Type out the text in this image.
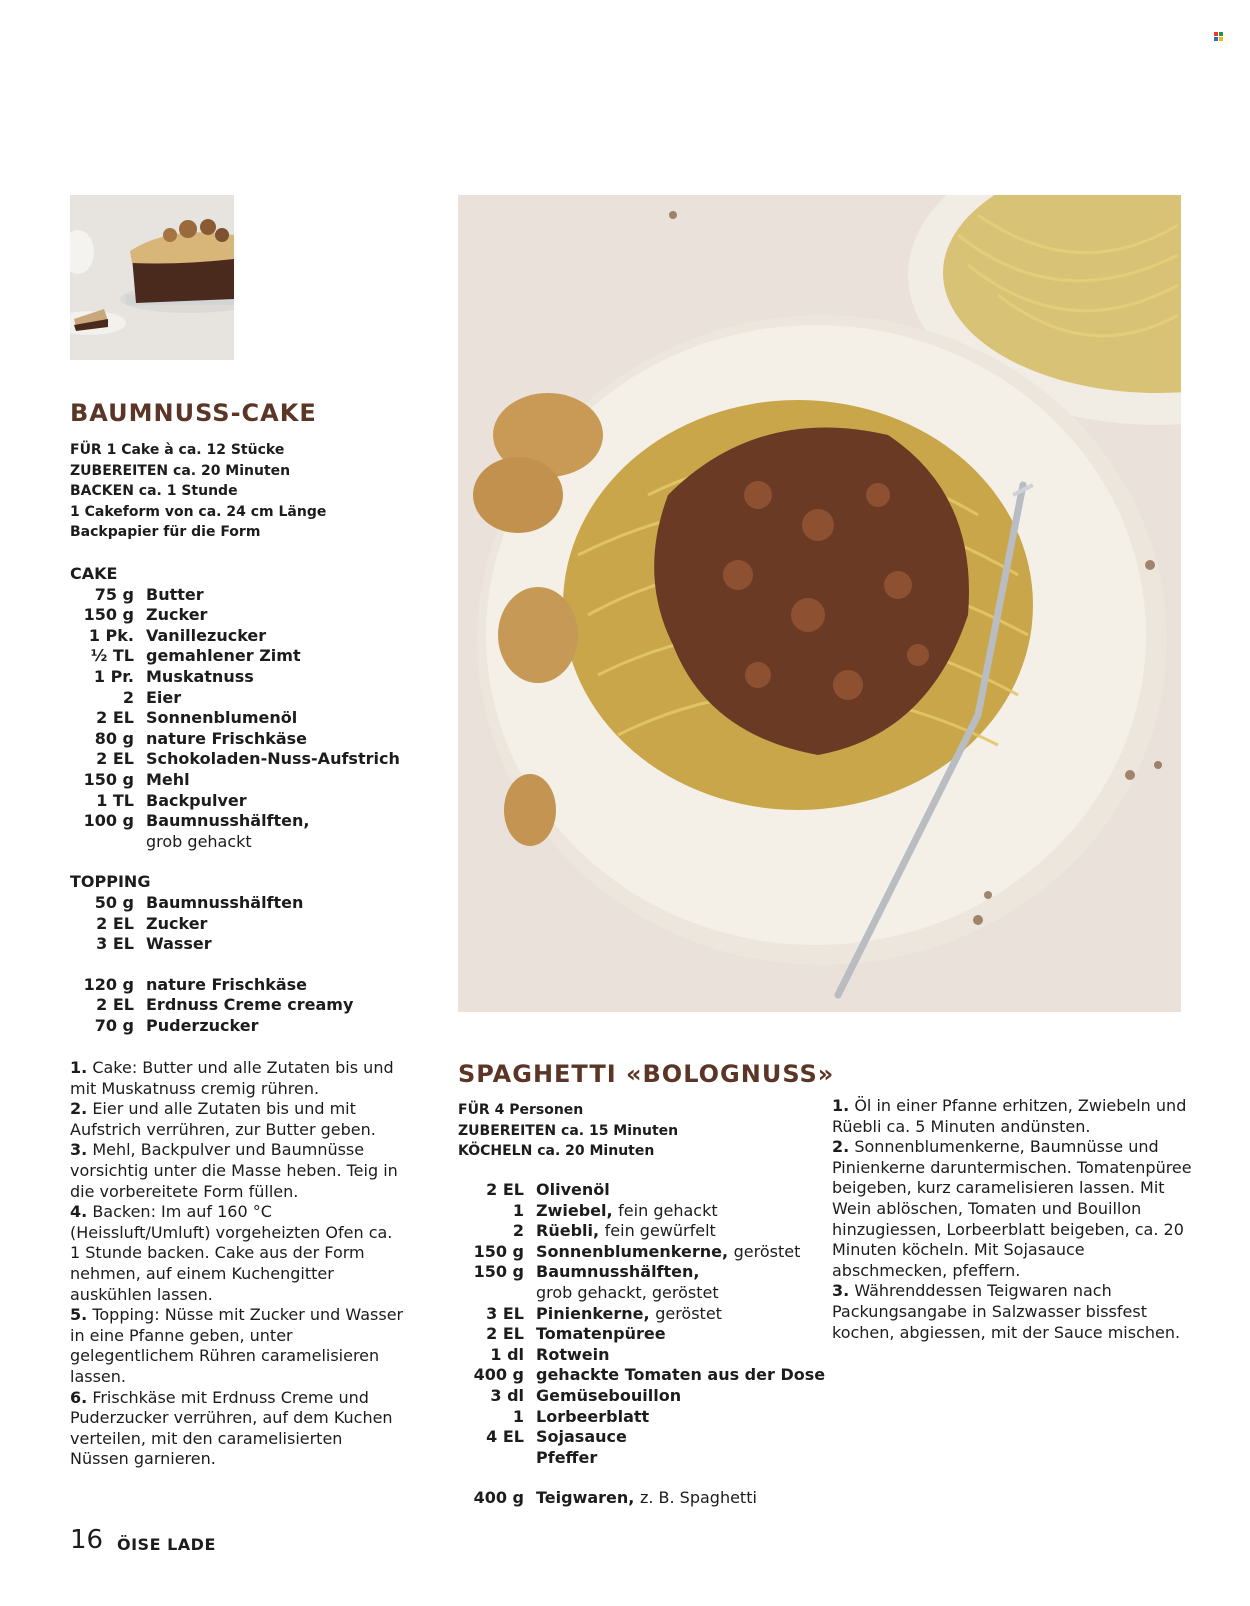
BAUMNUSS-CAKE
FÜR 1 Cake à ca. 12 Stücke
ZUBEREITEN ca. 20 Minuten
BACKEN ca. 1 Stunde
1 Cakeform von ca. 24 cm Länge
Backpapier für die Form
CAKE
75 g	Butter
150 g	Zucker
1 Pk.	Vanillezucker
½ TL	gemahlener Zimt
1 Pr.	Muskatnuss
2	Eier
2 EL	Sonnenblumenöl
80 g	nature Frischkäse
2 EL	Schokoladen-Nuss-Aufstrich
150 g	Mehl
1 TL	Backpulver
100 g	Baumnusshälften,
	grob gehackt
TOPPING
50 g	Baumnusshälften
2 EL	Zucker
3 EL	Wasser
120 g	nature Frischkäse
2 EL	Erdnuss Creme creamy
70 g	Puderzucker

1. Cake: Butter und alle Zutaten bis und mit Muskatnuss cremig rühren.

2. Eier und alle Zutaten bis und mit Aufstrich verrühren, zur Butter geben.

3. Mehl, Backpulver und Baumnüsse vorsichtig unter die Masse heben. Teig in die vorbereitete Form füllen.

4. Backen: Im auf 160 °C (Heissluft/Umluft) vorgeheizten Ofen ca. 1 Stunde backen. Cake aus der Form nehmen, auf einem Kuchengitter auskühlen lassen.

5. Topping: Nüsse mit Zucker und Wasser in eine Pfanne geben, unter gelegentlichem Rühren caramelisieren lassen.

6. Frischkäse mit Erdnuss Creme und Puderzucker verrühren, auf dem Kuchen verteilen, mit den caramelisierten Nüssen garnieren.

SPAGHETTI «BOLOGNUSS»
FÜR 4 Personen
ZUBEREITEN ca. 15 Minuten
KÖCHELN ca. 20 Minuten
2 EL	Olivenöl
1	Zwiebel, fein gehackt
2	Rüebli, fein gewürfelt
150 g	Sonnenblumenkerne, geröstet
150 g	Baumnusshälften,
	grob gehackt, geröstet
3 EL	Pinienkerne, geröstet
2 EL	Tomatenpüree
1 dl	Rotwein
400 g	gehackte Tomaten aus der Dose
3 dl	Gemüsebouillon
1	Lorbeerblatt
4 EL	Sojasauce
	Pfeffer
400 g	Teigwaren, z. B. Spaghetti

1. Öl in einer Pfanne erhitzen, Zwiebeln und Rüebli ca. 5 Minuten andünsten.

2. Sonnenblumenkerne, Baumnüsse und Pinienkerne daruntermischen. Tomatenpüree beigeben, kurz caramelisieren lassen. Mit Wein ablöschen, Tomaten und Bouillon hinzugiessen, Lorbeerblatt beigeben, ca. 20 Minuten köcheln. Mit Sojasauce abschmecken, pfeffern.

3. Währenddessen Teigwaren nach Packungsangabe in Salzwasser bissfest kochen, abgiessen, mit der Sauce mischen.

16 ÖISE LADE
